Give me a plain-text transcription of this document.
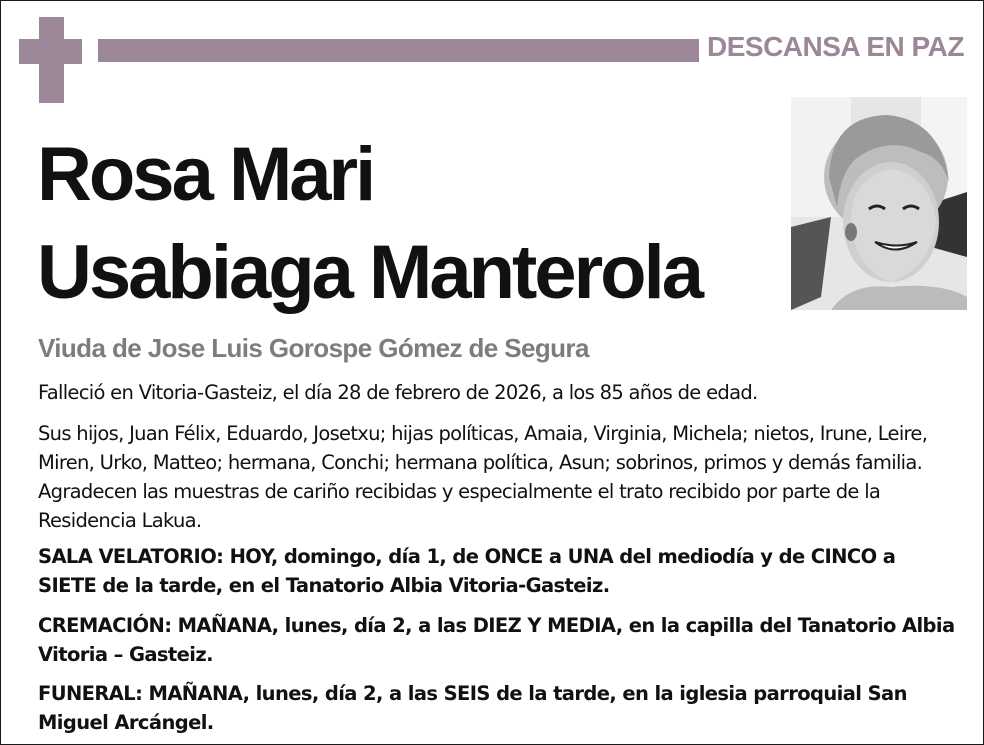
DESCANSA EN PAZ
Rosa Mari
Usabiaga Manterola
Viuda de Jose Luis Gorospe Gómez de Segura
Falleció en Vitoria-Gasteiz, el día 28 de febrero de 2026, a los 85 años de edad.
Sus hijos, Juan Félix, Eduardo, Josetxu; hijas políticas, Amaia, Virginia, Michela; nietos, Irune, Leire, Miren, Urko, Matteo; hermana, Conchi; hermana política, Asun; sobrinos, primos y demás familia. Agradecen las muestras de cariño recibidas y especialmente el trato recibido por parte de la Residencia Lakua.
SALA VELATORIO: HOY, domingo, día 1, de ONCE a UNA del mediodía y de CINCO a SIETE de la tarde, en el Tanatorio Albia Vitoria-Gasteiz.
CREMACIÓN: MAÑANA, lunes, día 2, a las DIEZ Y MEDIA, en la capilla del Tanatorio Albia Vitoria – Gasteiz.
FUNERAL: MAÑANA, lunes, día 2, a las SEIS de la tarde, en la iglesia parroquial San Miguel Arcángel.
